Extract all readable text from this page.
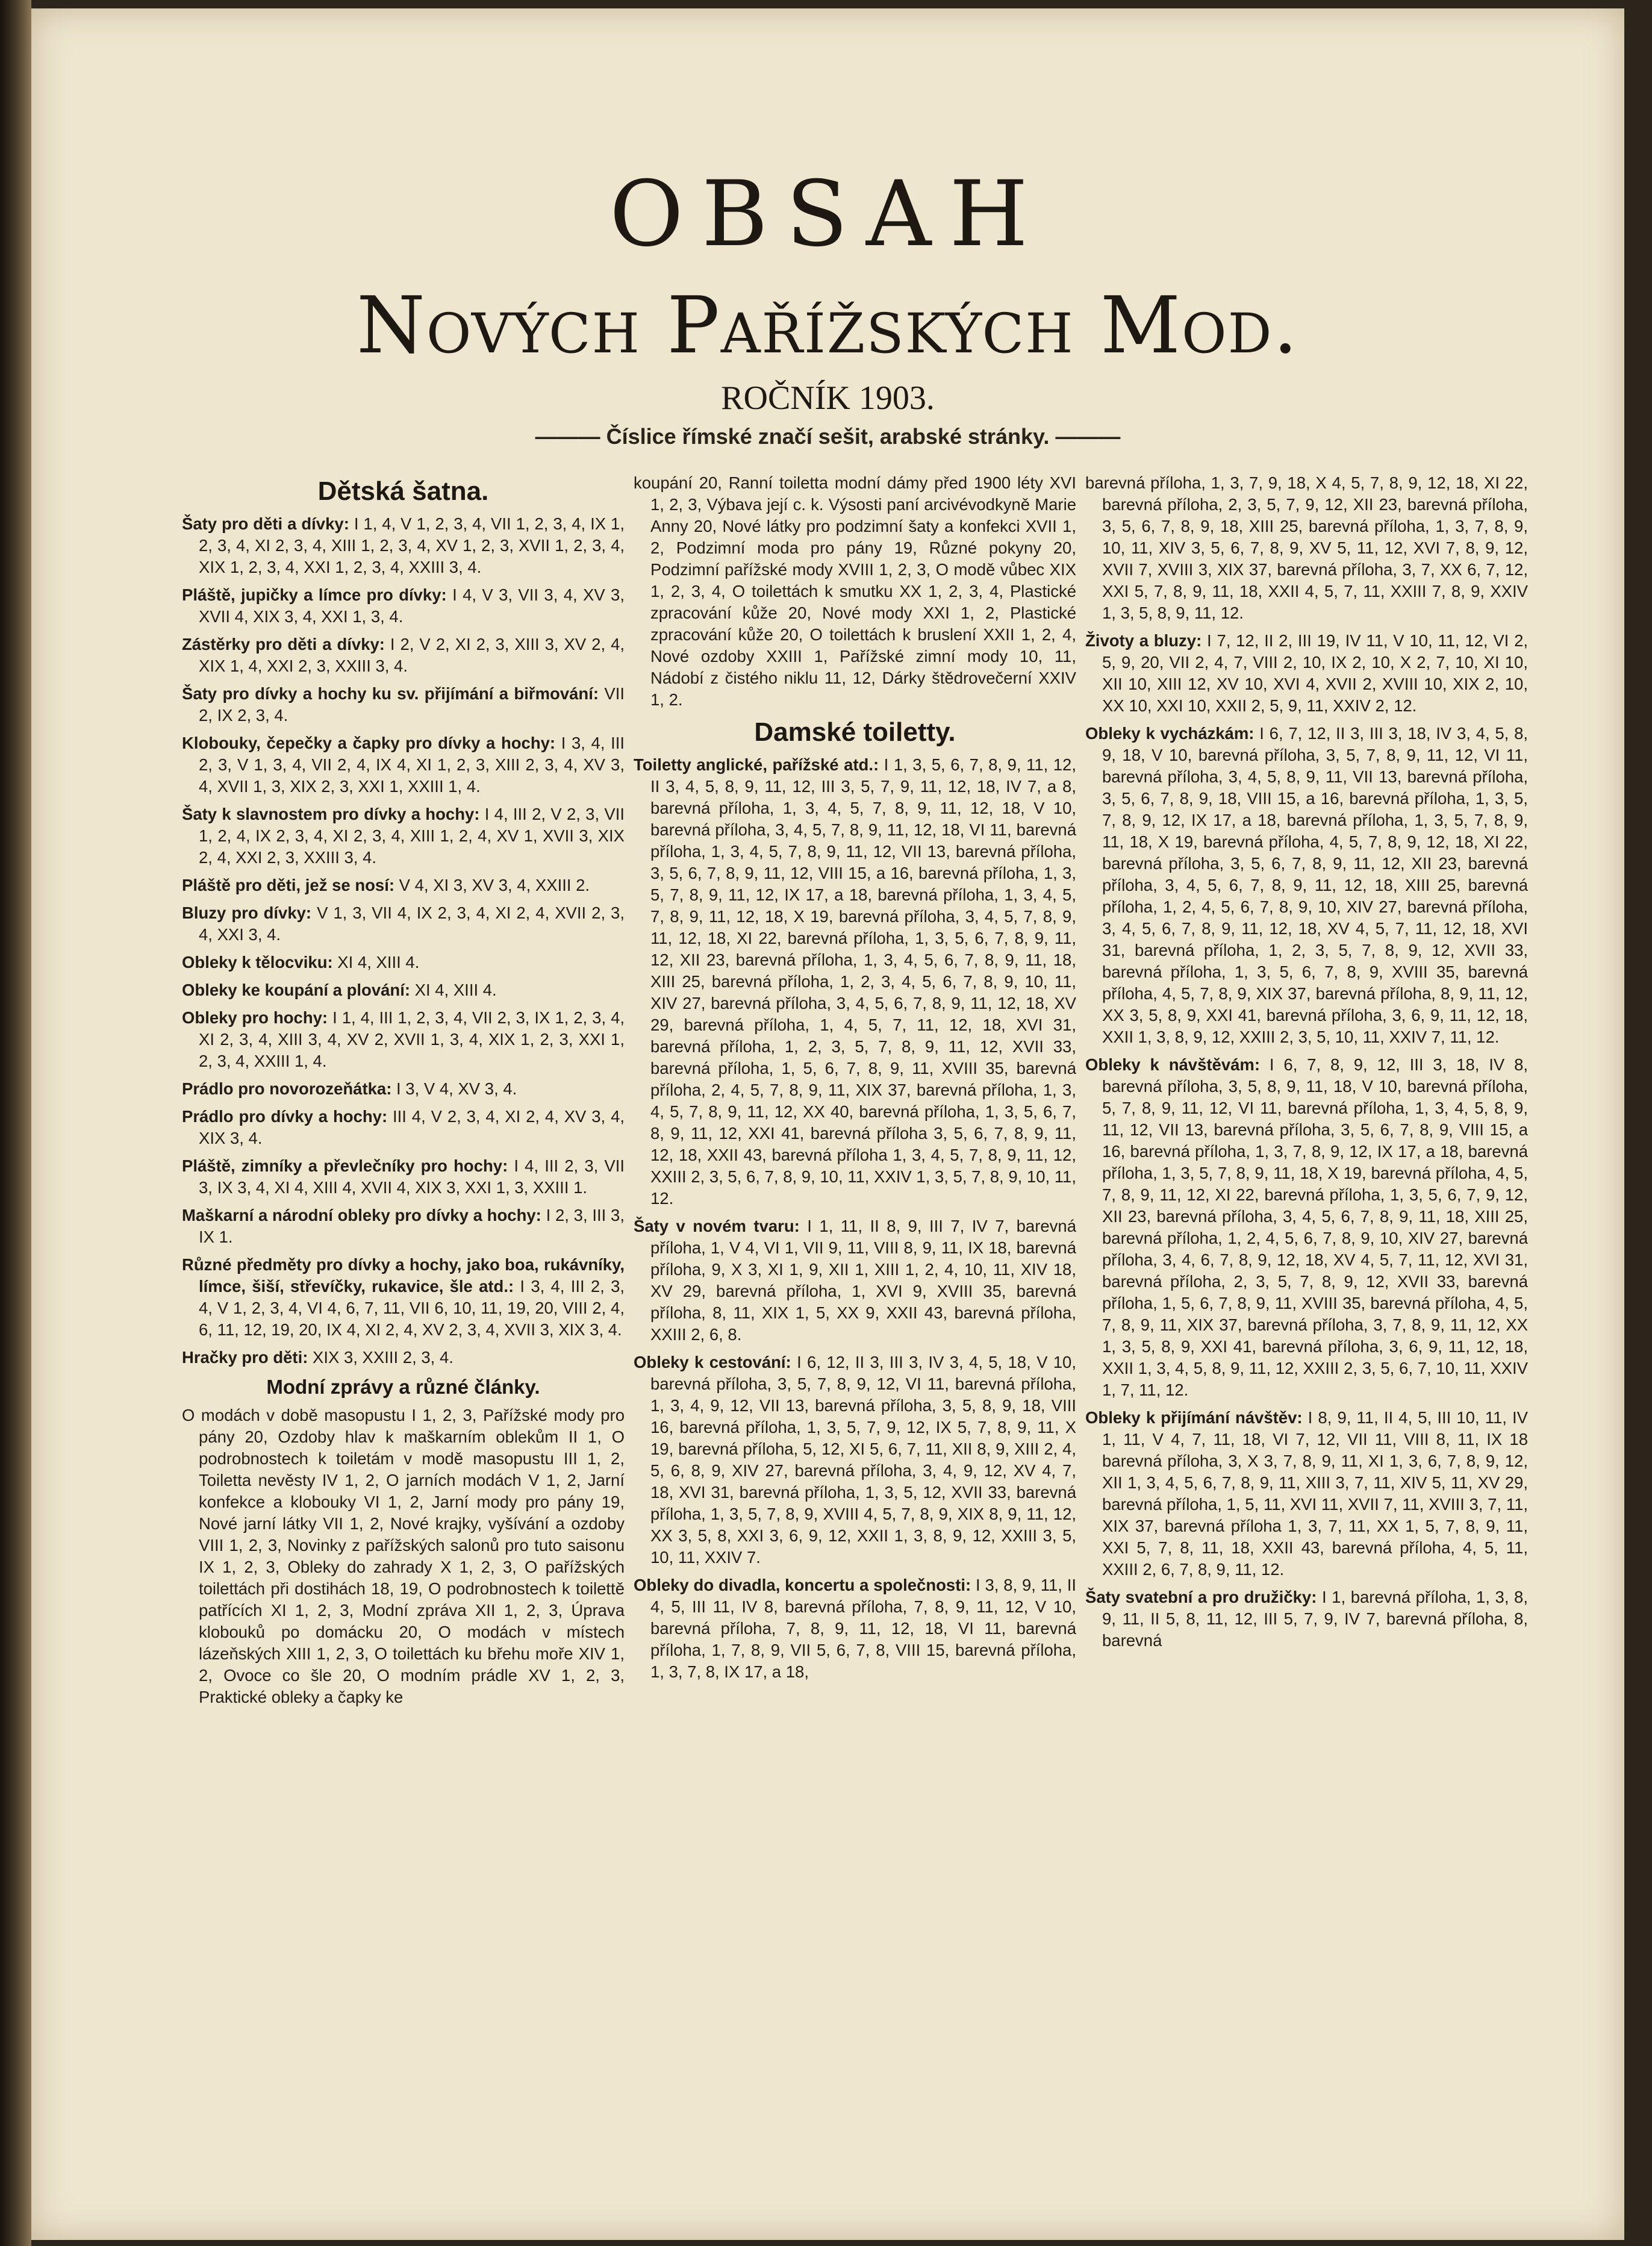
OBSAH
Nových Pařížských Mod.
ROČNÍK 1903.
——— Číslice římské značí sešit, arabské stránky. ———
Dětská šatna.

Šaty pro děti a dívky: I 1, 4, V 1, 2, 3, 4, VII 1, 2, 3, 4, IX 1, 2, 3, 4, XI 2, 3, 4, XIII 1, 2, 3, 4, XV 1, 2, 3, XVII 1, 2, 3, 4, XIX 1, 2, 3, 4, XXI 1, 2, 3, 4, XXIII 3, 4.

Pláště, jupičky a límce pro dívky: I 4, V 3, VII 3, 4, XV 3, XVII 4, XIX 3, 4, XXI 1, 3, 4.

Zástěrky pro děti a dívky: I 2, V 2, XI 2, 3, XIII 3, XV 2, 4, XIX 1, 4, XXI 2, 3, XXIII 3, 4.

Šaty pro dívky a hochy ku sv. přijímání a biřmování: VII 2, IX 2, 3, 4.

Klobouky, čepečky a čapky pro dívky a hochy: I 3, 4, III 2, 3, V 1, 3, 4, VII 2, 4, IX 4, XI 1, 2, 3, XIII 2, 3, 4, XV 3, 4, XVII 1, 3, XIX 2, 3, XXI 1, XXIII 1, 4.

Šaty k slavnostem pro dívky a hochy: I 4, III 2, V 2, 3, VII 1, 2, 4, IX 2, 3, 4, XI 2, 3, 4, XIII 1, 2, 4, XV 1, XVII 3, XIX 2, 4, XXI 2, 3, XXIII 3, 4.

Pláště pro děti, jež se nosí: V 4, XI 3, XV 3, 4, XXIII 2.

Bluzy pro dívky: V 1, 3, VII 4, IX 2, 3, 4, XI 2, 4, XVII 2, 3, 4, XXI 3, 4.

Obleky k tělocviku: XI 4, XIII 4.

Obleky ke koupání a plování: XI 4, XIII 4.

Obleky pro hochy: I 1, 4, III 1, 2, 3, 4, VII 2, 3, IX 1, 2, 3, 4, XI 2, 3, 4, XIII 3, 4, XV 2, XVII 1, 3, 4, XIX 1, 2, 3, XXI 1, 2, 3, 4, XXIII 1, 4.

Prádlo pro novorozeňátka: I 3, V 4, XV 3, 4.

Prádlo pro dívky a hochy: III 4, V 2, 3, 4, XI 2, 4, XV 3, 4, XIX 3, 4.

Pláště, zimníky a převlečníky pro hochy: I 4, III 2, 3, VII 3, IX 3, 4, XI 4, XIII 4, XVII 4, XIX 3, XXI 1, 3, XXIII 1.

Maškarní a národní obleky pro dívky a hochy: I 2, 3, III 3, IX 1.

Různé předměty pro dívky a hochy, jako boa, rukávníky, límce, šiší, střevíčky, rukavice, šle atd.: I 3, 4, III 2, 3, 4, V 1, 2, 3, 4, VI 4, 6, 7, 11, VII 6, 10, 11, 19, 20, VIII 2, 4, 6, 11, 12, 19, 20, IX 4, XI 2, 4, XV 2, 3, 4, XVII 3, XIX 3, 4.

Hračky pro děti: XIX 3, XXIII 2, 3, 4.

Modní zprávy a různé články.

O modách v době masopustu I 1, 2, 3, Pařížské mody pro pány 20, Ozdoby hlav k maškarním oblekům II 1, O podrobnostech k toiletám v modě masopustu III 1, 2, Toiletta nevěsty IV 1, 2, O jarních modách V 1, 2, Jarní konfekce a klobouky VI 1, 2, Jarní mody pro pány 19, Nové jarní látky VII 1, 2, Nové krajky, vyšívání a ozdoby VIII 1, 2, 3, Novinky z pařížských salonů pro tuto saisonu IX 1, 2, 3, Obleky do zahrady X 1, 2, 3, O pařížských toilettách při dostihách 18, 19, O podrobnostech k toilettě patřících XI 1, 2, 3, Modní zpráva XII 1, 2, 3, Úprava klobouků po domácku 20, O modách v místech lázeňských XIII 1, 2, 3, O toilettách ku břehu moře XIV 1, 2, Ovoce co šle 20, O modním prádle XV 1, 2, 3, Praktické obleky a čapky ke

koupání 20, Ranní toiletta modní dámy před 1900 léty XVI 1, 2, 3, Výbava její c. k. Výsosti paní arcivévodkyně Marie Anny 20, Nové látky pro podzimní šaty a konfekci XVII 1, 2, Podzimní moda pro pány 19, Různé pokyny 20, Podzimní pařížské mody XVIII 1, 2, 3, O modě vůbec XIX 1, 2, 3, 4, O toilettách k smutku XX 1, 2, 3, 4, Plastické zpracování kůže 20, Nové mody XXI 1, 2, Plastické zpracování kůže 20, O toilettách k bruslení XXII 1, 2, 4, Nové ozdoby XXIII 1, Pařížské zimní mody 10, 11, Nádobí z čistého niklu 11, 12, Dárky štědrovečerní XXIV 1, 2.

Damské toiletty.

Toiletty anglické, pařížské atd.: I 1, 3, 5, 6, 7, 8, 9, 11, 12, II 3, 4, 5, 8, 9, 11, 12, III 3, 5, 7, 9, 11, 12, 18, IV 7, a 8, barevná příloha, 1, 3, 4, 5, 7, 8, 9, 11, 12, 18, V 10, barevná příloha, 3, 4, 5, 7, 8, 9, 11, 12, 18, VI 11, barevná příloha, 1, 3, 4, 5, 7, 8, 9, 11, 12, VII 13, barevná příloha, 3, 5, 6, 7, 8, 9, 11, 12, VIII 15, a 16, barevná příloha, 1, 3, 5, 7, 8, 9, 11, 12, IX 17, a 18, barevná příloha, 1, 3, 4, 5, 7, 8, 9, 11, 12, 18, X 19, barevná příloha, 3, 4, 5, 7, 8, 9, 11, 12, 18, XI 22, barevná příloha, 1, 3, 5, 6, 7, 8, 9, 11, 12, XII 23, barevná příloha, 1, 3, 4, 5, 6, 7, 8, 9, 11, 18, XIII 25, barevná příloha, 1, 2, 3, 4, 5, 6, 7, 8, 9, 10, 11, XIV 27, barevná příloha, 3, 4, 5, 6, 7, 8, 9, 11, 12, 18, XV 29, barevná příloha, 1, 4, 5, 7, 11, 12, 18, XVI 31, barevná příloha, 1, 2, 3, 5, 7, 8, 9, 11, 12, XVII 33, barevná příloha, 1, 5, 6, 7, 8, 9, 11, XVIII 35, barevná příloha, 2, 4, 5, 7, 8, 9, 11, XIX 37, barevná příloha, 1, 3, 4, 5, 7, 8, 9, 11, 12, XX 40, barevná příloha, 1, 3, 5, 6, 7, 8, 9, 11, 12, XXI 41, barevná příloha 3, 5, 6, 7, 8, 9, 11, 12, 18, XXII 43, barevná příloha 1, 3, 4, 5, 7, 8, 9, 11, 12, XXIII 2, 3, 5, 6, 7, 8, 9, 10, 11, XXIV 1, 3, 5, 7, 8, 9, 10, 11, 12.

Šaty v novém tvaru: I 1, 11, II 8, 9, III 7, IV 7, barevná příloha, 1, V 4, VI 1, VII 9, 11, VIII 8, 9, 11, IX 18, barevná příloha, 9, X 3, XI 1, 9, XII 1, XIII 1, 2, 4, 10, 11, XIV 18, XV 29, barevná příloha, 1, XVI 9, XVIII 35, barevná příloha, 8, 11, XIX 1, 5, XX 9, XXII 43, barevná příloha, XXIII 2, 6, 8.

Obleky k cestování: I 6, 12, II 3, III 3, IV 3, 4, 5, 18, V 10, barevná příloha, 3, 5, 7, 8, 9, 12, VI 11, barevná příloha, 1, 3, 4, 9, 12, VII 13, barevná příloha, 3, 5, 8, 9, 18, VIII 16, barevná příloha, 1, 3, 5, 7, 9, 12, IX 5, 7, 8, 9, 11, X 19, barevná příloha, 5, 12, XI 5, 6, 7, 11, XII 8, 9, XIII 2, 4, 5, 6, 8, 9, XIV 27, barevná příloha, 3, 4, 9, 12, XV 4, 7, 18, XVI 31, barevná příloha, 1, 3, 5, 12, XVII 33, barevná příloha, 1, 3, 5, 7, 8, 9, XVIII 4, 5, 7, 8, 9, XIX 8, 9, 11, 12, XX 3, 5, 8, XXI 3, 6, 9, 12, XXII 1, 3, 8, 9, 12, XXIII 3, 5, 10, 11, XXIV 7.

Obleky do divadla, koncertu a společnosti: I 3, 8, 9, 11, II 4, 5, III 11, IV 8, barevná příloha, 7, 8, 9, 11, 12, V 10, barevná příloha, 7, 8, 9, 11, 12, 18, VI 11, barevná příloha, 1, 7, 8, 9, VII 5, 6, 7, 8, VIII 15, barevná příloha, 1, 3, 7, 8, IX 17, a 18,

barevná příloha, 1, 3, 7, 9, 18, X 4, 5, 7, 8, 9, 12, 18, XI 22, barevná příloha, 2, 3, 5, 7, 9, 12, XII 23, barevná příloha, 3, 5, 6, 7, 8, 9, 18, XIII 25, barevná příloha, 1, 3, 7, 8, 9, 10, 11, XIV 3, 5, 6, 7, 8, 9, XV 5, 11, 12, XVI 7, 8, 9, 12, XVII 7, XVIII 3, XIX 37, barevná příloha, 3, 7, XX 6, 7, 12, XXI 5, 7, 8, 9, 11, 18, XXII 4, 5, 7, 11, XXIII 7, 8, 9, XXIV 1, 3, 5, 8, 9, 11, 12.

Životy a bluzy: I 7, 12, II 2, III 19, IV 11, V 10, 11, 12, VI 2, 5, 9, 20, VII 2, 4, 7, VIII 2, 10, IX 2, 10, X 2, 7, 10, XI 10, XII 10, XIII 12, XV 10, XVI 4, XVII 2, XVIII 10, XIX 2, 10, XX 10, XXI 10, XXII 2, 5, 9, 11, XXIV 2, 12.

Obleky k vycházkám: I 6, 7, 12, II 3, III 3, 18, IV 3, 4, 5, 8, 9, 18, V 10, barevná příloha, 3, 5, 7, 8, 9, 11, 12, VI 11, barevná příloha, 3, 4, 5, 8, 9, 11, VII 13, barevná příloha, 3, 5, 6, 7, 8, 9, 18, VIII 15, a 16, barevná příloha, 1, 3, 5, 7, 8, 9, 12, IX 17, a 18, barevná příloha, 1, 3, 5, 7, 8, 9, 11, 18, X 19, barevná příloha, 4, 5, 7, 8, 9, 12, 18, XI 22, barevná příloha, 3, 5, 6, 7, 8, 9, 11, 12, XII 23, barevná příloha, 3, 4, 5, 6, 7, 8, 9, 11, 12, 18, XIII 25, barevná příloha, 1, 2, 4, 5, 6, 7, 8, 9, 10, XIV 27, barevná příloha, 3, 4, 5, 6, 7, 8, 9, 11, 12, 18, XV 4, 5, 7, 11, 12, 18, XVI 31, barevná příloha, 1, 2, 3, 5, 7, 8, 9, 12, XVII 33, barevná příloha, 1, 3, 5, 6, 7, 8, 9, XVIII 35, barevná příloha, 4, 5, 7, 8, 9, XIX 37, barevná příloha, 8, 9, 11, 12, XX 3, 5, 8, 9, XXI 41, barevná příloha, 3, 6, 9, 11, 12, 18, XXII 1, 3, 8, 9, 12, XXIII 2, 3, 5, 10, 11, XXIV 7, 11, 12.

Obleky k návštěvám: I 6, 7, 8, 9, 12, III 3, 18, IV 8, barevná příloha, 3, 5, 8, 9, 11, 18, V 10, barevná příloha, 5, 7, 8, 9, 11, 12, VI 11, barevná příloha, 1, 3, 4, 5, 8, 9, 11, 12, VII 13, barevná příloha, 3, 5, 6, 7, 8, 9, VIII 15, a 16, barevná příloha, 1, 3, 7, 8, 9, 12, IX 17, a 18, barevná příloha, 1, 3, 5, 7, 8, 9, 11, 18, X 19, barevná příloha, 4, 5, 7, 8, 9, 11, 12, XI 22, barevná příloha, 1, 3, 5, 6, 7, 9, 12, XII 23, barevná příloha, 3, 4, 5, 6, 7, 8, 9, 11, 18, XIII 25, barevná příloha, 1, 2, 4, 5, 6, 7, 8, 9, 10, XIV 27, barevná příloha, 3, 4, 6, 7, 8, 9, 12, 18, XV 4, 5, 7, 11, 12, XVI 31, barevná příloha, 2, 3, 5, 7, 8, 9, 12, XVII 33, barevná příloha, 1, 5, 6, 7, 8, 9, 11, XVIII 35, barevná příloha, 4, 5, 7, 8, 9, 11, XIX 37, barevná příloha, 3, 7, 8, 9, 11, 12, XX 1, 3, 5, 8, 9, XXI 41, barevná příloha, 3, 6, 9, 11, 12, 18, XXII 1, 3, 4, 5, 8, 9, 11, 12, XXIII 2, 3, 5, 6, 7, 10, 11, XXIV 1, 7, 11, 12.

Obleky k přijímání návštěv: I 8, 9, 11, II 4, 5, III 10, 11, IV 1, 11, V 4, 7, 11, 18, VI 7, 12, VII 11, VIII 8, 11, IX 18 barevná příloha, 3, X 3, 7, 8, 9, 11, XI 1, 3, 6, 7, 8, 9, 12, XII 1, 3, 4, 5, 6, 7, 8, 9, 11, XIII 3, 7, 11, XIV 5, 11, XV 29, barevná příloha, 1, 5, 11, XVI 11, XVII 7, 11, XVIII 3, 7, 11, XIX 37, barevná příloha 1, 3, 7, 11, XX 1, 5, 7, 8, 9, 11, XXI 5, 7, 8, 11, 18, XXII 43, barevná příloha, 4, 5, 11, XXIII 2, 6, 7, 8, 9, 11, 12.

Šaty svatební a pro družičky: I 1, barevná příloha, 1, 3, 8, 9, 11, II 5, 8, 11, 12, III 5, 7, 9, IV 7, barevná příloha, 8, barevná
